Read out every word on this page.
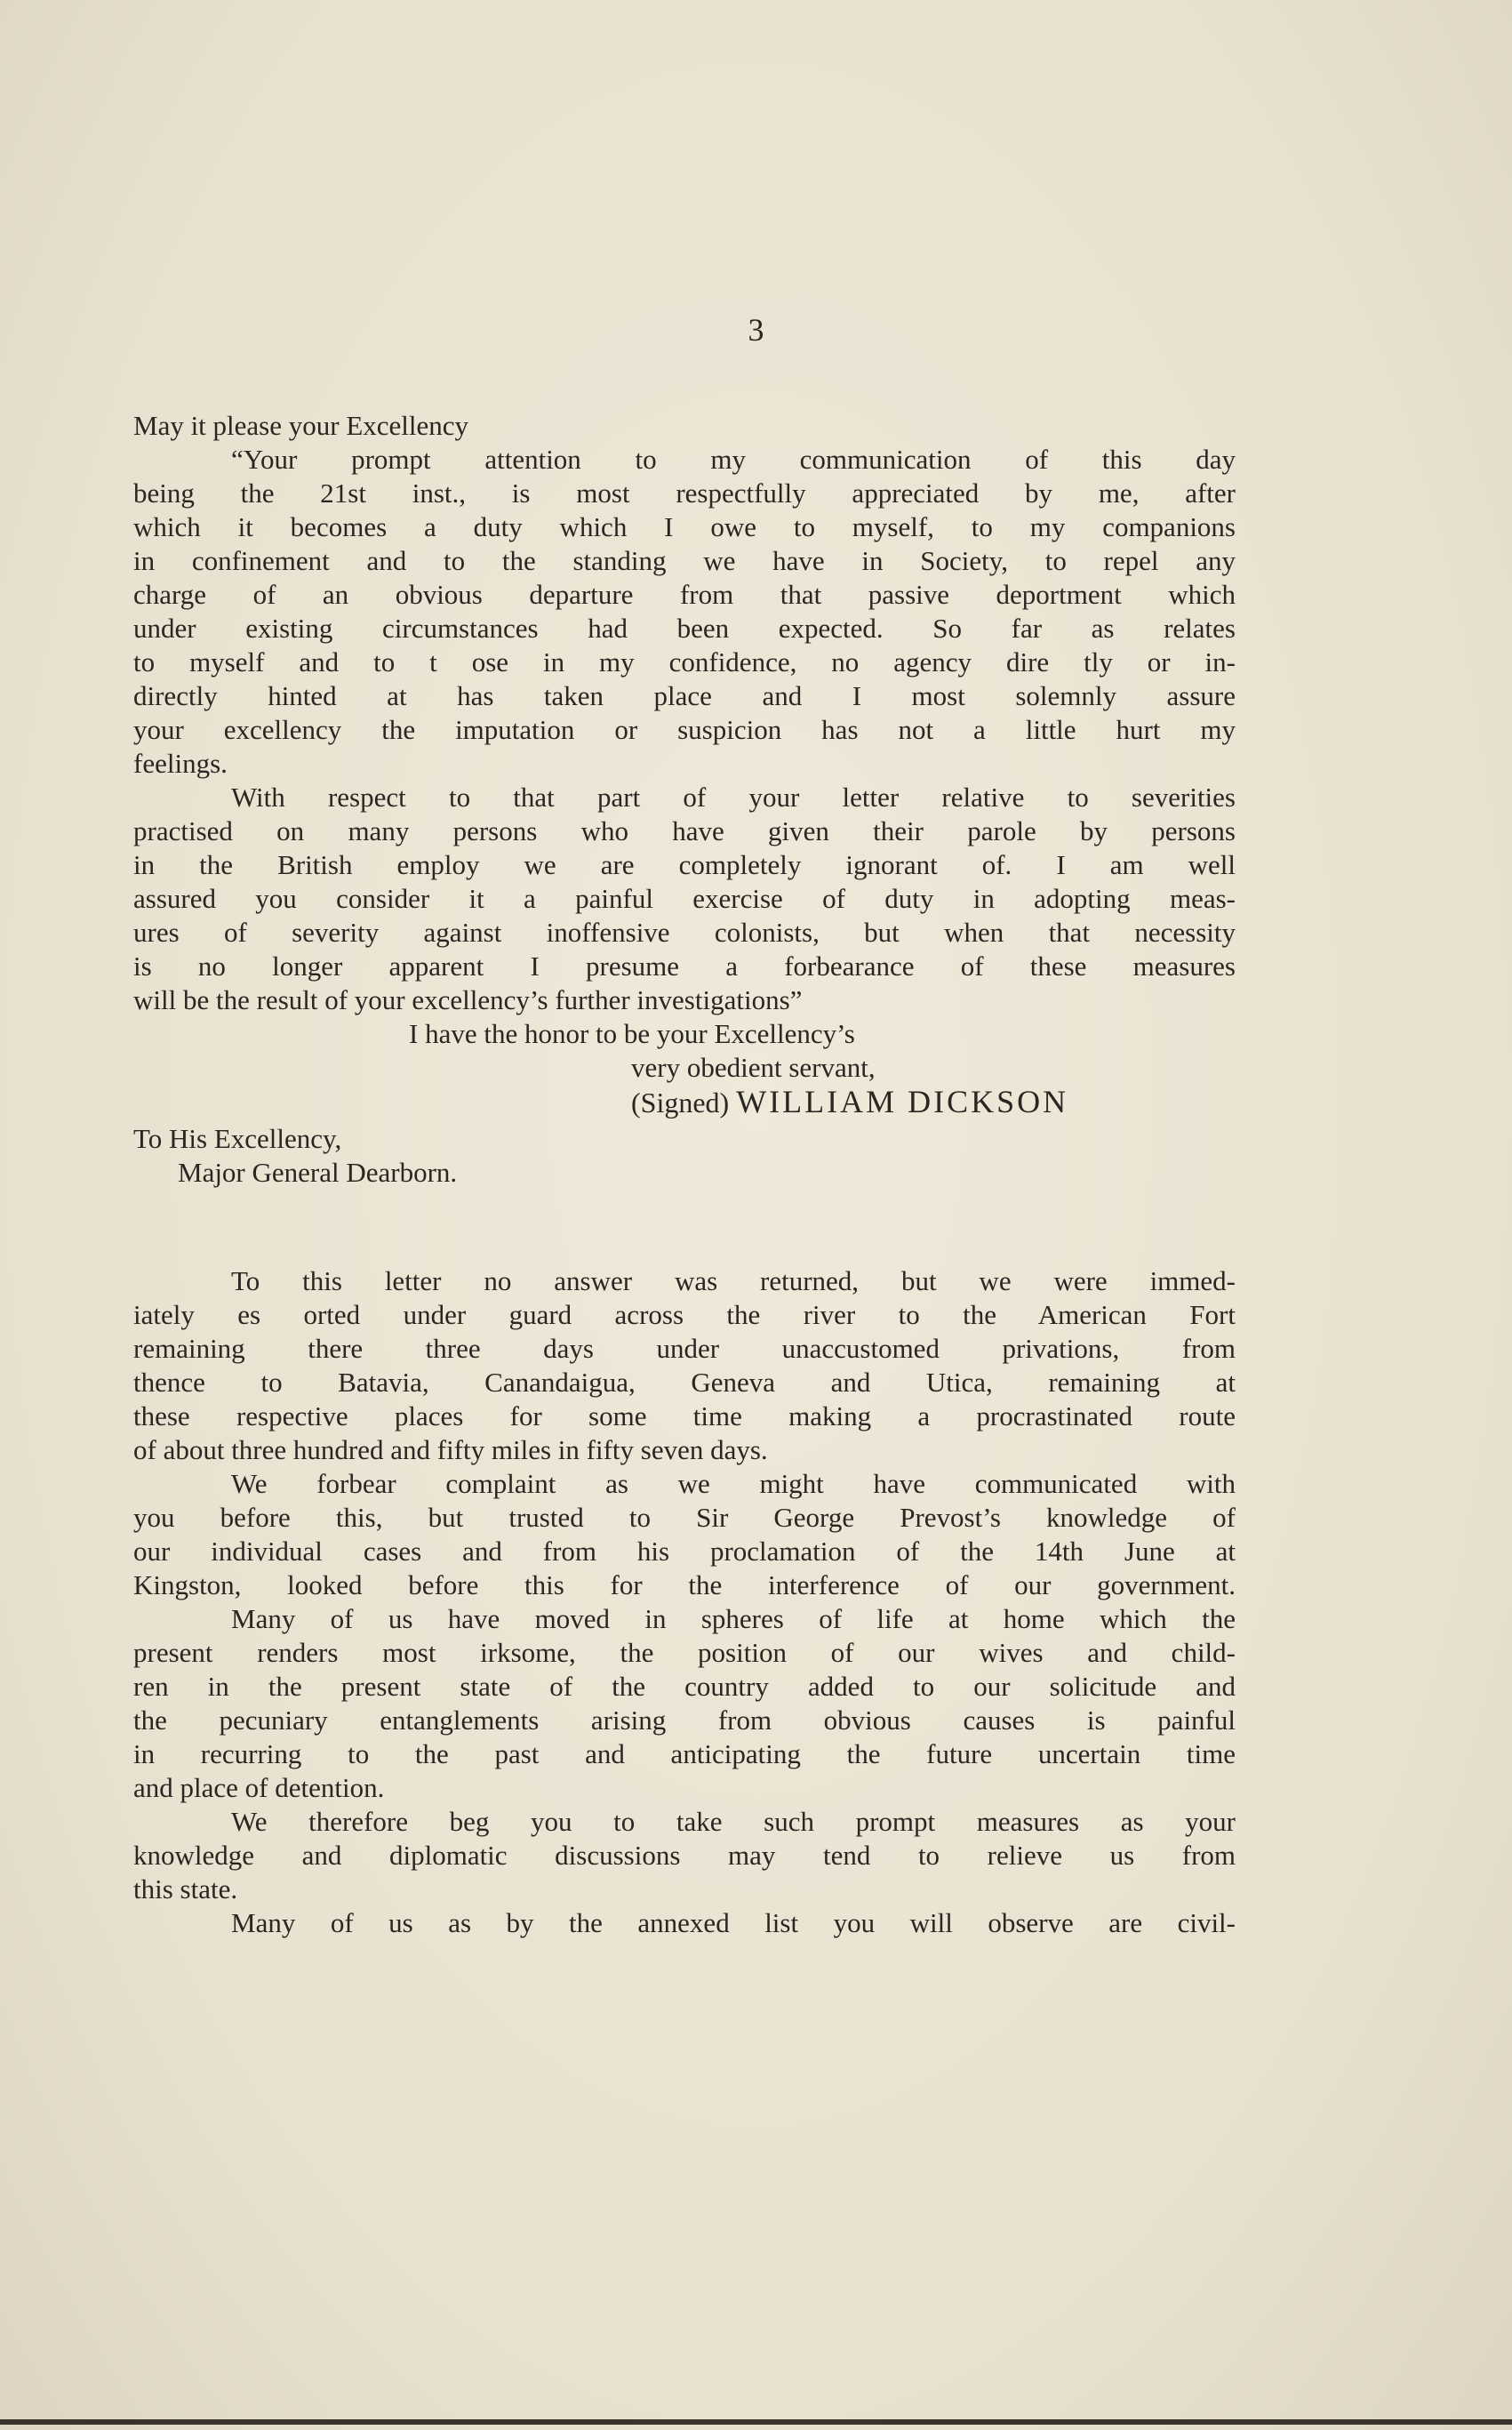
3
May it please your Excellency
“Your prompt attention to my communication of this day
being the 21st inst., is most respectfully appreciated by me, after
which it becomes a duty which I owe to myself, to my companions
in confinement and to the standing we have in Society, to repel any
charge of an obvious departure from that passive deportment which
under existing circumstances had been expected. So far as relates
to myself and to t ose in my confidence, no agency dire tly or in-
directly hinted at has taken place and I most solemnly assure
your excellency the imputation or suspicion has not a little hurt my
feelings.
With respect to that part of your letter relative to severities
practised on many persons who have given their parole by persons
in the British employ we are completely ignorant of. I am well
assured you consider it a painful exercise of duty in adopting meas-
ures of severity against inoffensive colonists, but when that necessity
is no longer apparent I presume a forbearance of these measures
will be the result of your excellency’s further investigations”
I have the honor to be your Excellency’s
very obedient servant,
(Signed) WILLIAM DICKSON
To His Excellency,
Major General Dearborn.
To this letter no answer was returned, but we were immed-
iately es orted under guard across the river to the American Fort
remaining there three days under unaccustomed privations, from
thence to Batavia, Canandaigua, Geneva and Utica, remaining at
these respective places for some time making a procrastinated route
of about three hundred and fifty miles in fifty seven days.
We forbear complaint as we might have communicated with
you before this, but trusted to Sir George Prevost’s knowledge of
our individual cases and from his proclamation of the 14th June at
Kingston, looked before this for the interference of our government.
Many of us have moved in spheres of life at home which the
present renders most irksome, the position of our wives and child-
ren in the present state of the country added to our solicitude and
the pecuniary entanglements arising from obvious causes is painful
in recurring to the past and anticipating the future uncertain time
and place of detention.
We therefore beg you to take such prompt measures as your
knowledge and diplomatic discussions may tend to relieve us from
this state.
Many of us as by the annexed list you will observe are civil-
